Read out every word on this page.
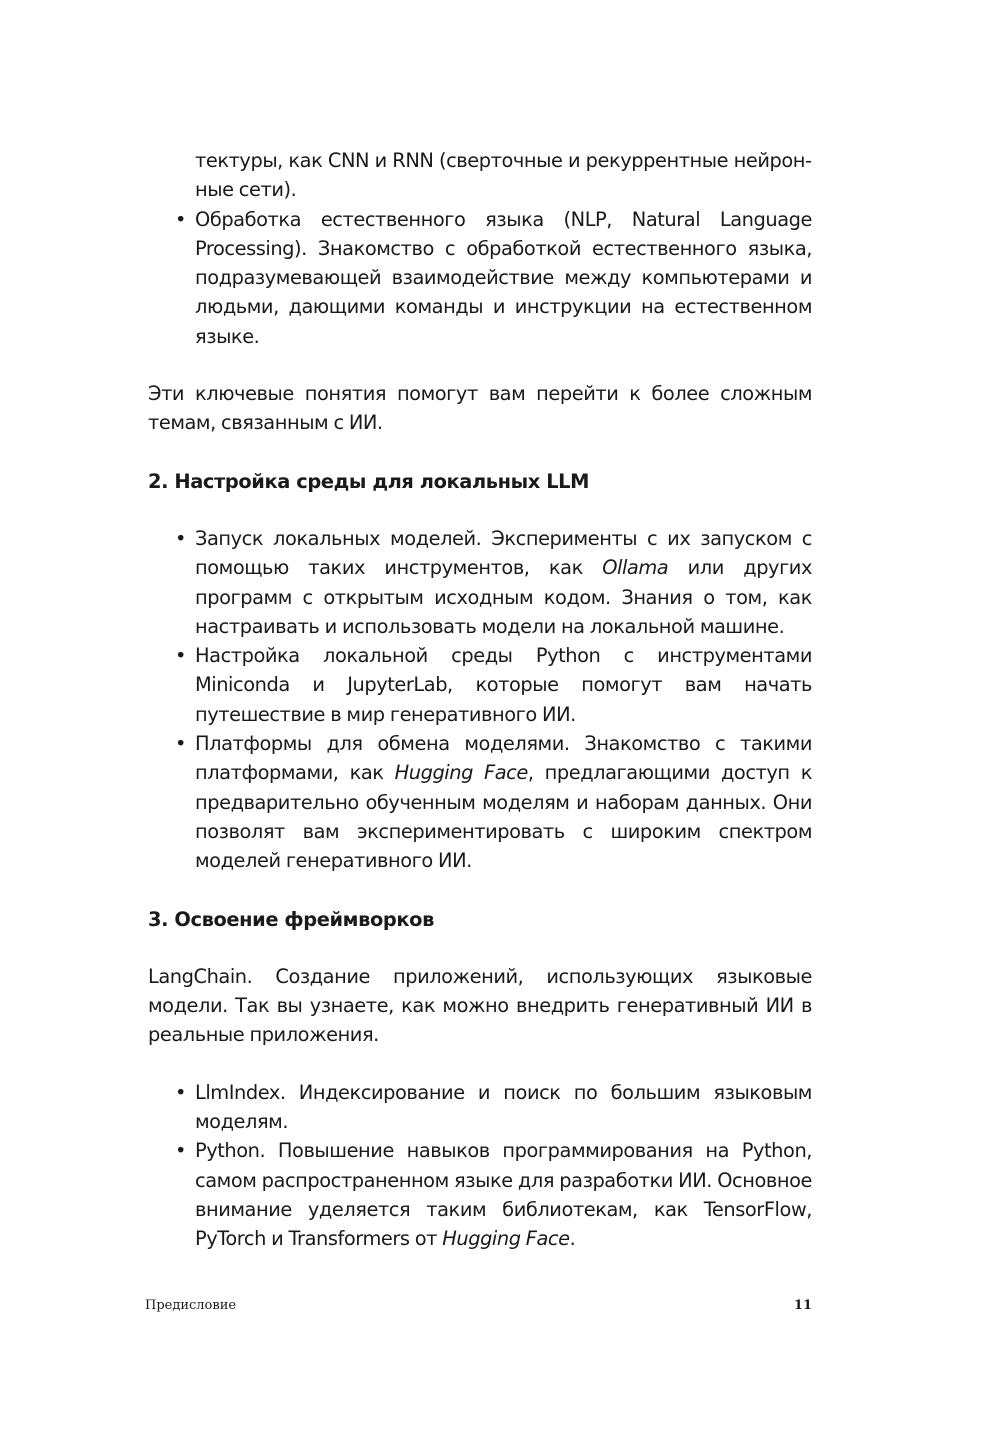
тектуры, как CNN и RNN (сверточные и рекуррентные нейронные сети).
• Обработка естественного языка (NLP, Natural Language Processing). Знакомство с обработкой естественного языка, подразумевающей взаимодействие между компьютерами и людьми, дающими команды и инструкции на естественном языке.

Эти ключевые понятия помогут вам перейти к более сложным темам, связанным с ИИ.

2. Настройка среды для локальных LLM
• Запуск локальных моделей. Эксперименты с их запуском с помощью таких инструментов, как Ollama или других программ с открытым исходным кодом. Знания о том, как настраивать и использовать модели на локальной машине.
• Настройка локальной среды Python с инструментами Miniconda и JupyterLab, которые помогут вам начать путешествие в мир генеративного ИИ.
• Платформы для обмена моделями. Знакомство с такими платформами, как Hugging Face, предлагающими доступ к предварительно обученным моделям и наборам данных. Они позволят вам экспериментировать с широким спектром моделей генеративного ИИ.
3. Освоение фреймворков

LangChain. Создание приложений, использующих языковые модели. Так вы узнаете, как можно внедрить генеративный ИИ в реальные приложения.

• LlmIndex. Индексирование и поиск по большим языковым моделям.
• Python. Повышение навыков программирования на Python, самом распространенном языке для разработки ИИ. Основное внимание уделяется таким библиотекам, как TensorFlow, PyTorch и Transformers от Hugging Face.
Предисловие	11
